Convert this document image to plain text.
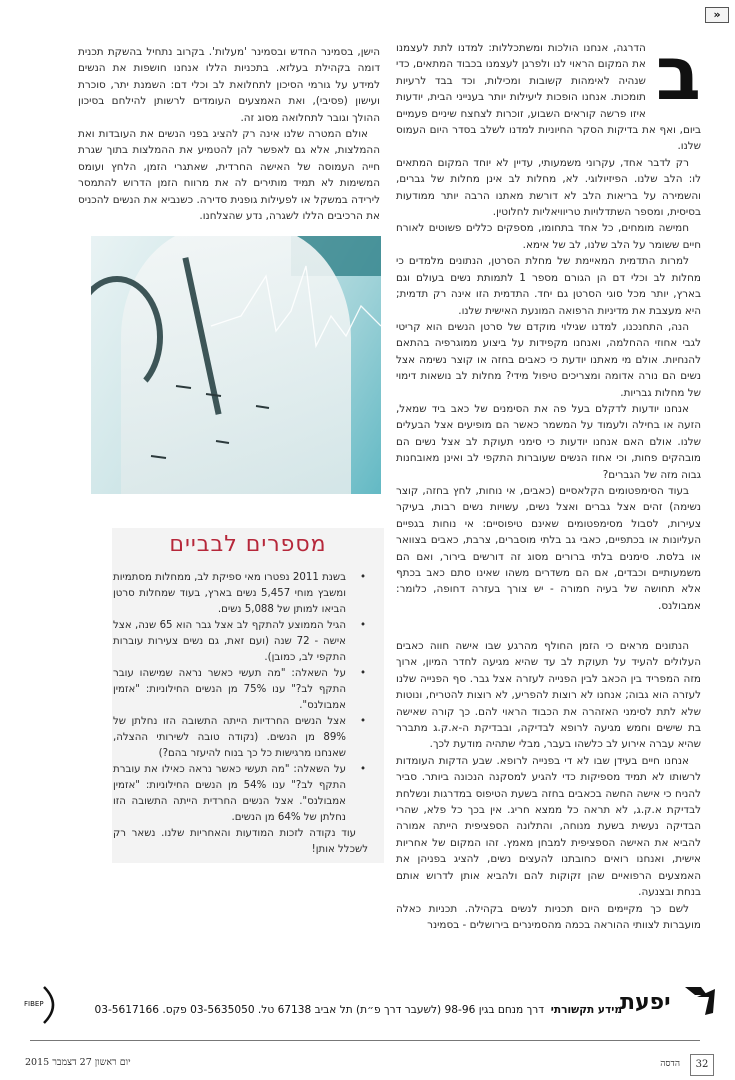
»
ב

הדרגה, אנחנו הולכות ומשתכללות: למדנו לתת לעצמנו את המקום הראוי לנו ולפרגן לעצמנו בכבוד המתאים, כדי שנהיה לאימהות קשובות ומכילות, וכד בבד לרעיות תומכות. אנחנו הופכות ליעילות יותר בענייני הבית, יודעות איזו פרשה קוראים השבוע, זוכרות לצחצח שיניים פעמיים ביום, ואף את בדיקות הסקר החיוניות למדנו לשלב בסדר היום העמוס שלנו.

רק לדבר אחד, עקרוני משמעותי, עדיין לא יוחד המקום המתאים לו: הלב שלנו. הפיזיולוגי. לא, מחלות לב אינן מחלות של גברים, והשמירה על בריאות הלב לא דורשת מאתנו הרבה יותר ממודעות בסיסית, ומספר השתדלויות טריוויאליות לחלוטין.

חמישה מומחים, כל אחד בתחומו, מספקים כללים פשוטים לאורח חיים ששומר על הלב שלנו, לב של אימא.

למרות התדמית המאיימת של מחלת הסרטן, הנתונים מלמדים כי מחלות לב וכלי דם הן הגורם מספר 1 לתמותת נשים בעולם וגם בארץ, יותר מכל סוגי הסרטן גם יחד. התדמית הזו אינה רק תדמית; היא מעצבת את מדיניות הרפואה המונעת האישית שלנו.

הנה, התחנכנו, למדנו שגילוי מוקדם של סרטן הנשים הוא קריטי לגבי אחוזי ההחלמה, ואנחנו מקפידות על ביצוע ממוגרפיה בהתאם להנחיות. אולם מי מאתנו יודעת כי כאבים בחזה או קוצר נשימה אצל נשים הם נורה אדומה ומצריכים טיפול מידי? מחלות לב נושאות דימוי של מחלות גבריות.

אנחנו יודעות לדקלם בעל פה את הסימנים של כאב ביד שמאל, הזעה או בחילה ולעמוד על המשמר כאשר הם מופיעים אצל הבעלים שלנו. אולם האם אנחנו יודעות כי סימני תעוקת לב אצל נשים הם מובהקים פחות, וכי אחוז הנשים שעוברות התקפי לב ואינן מאובחנות גבוה מזה של הגברים?

בעוד הסימפטומים הקלאסיים (כאבים, אי נוחות, לחץ בחזה, קוצר נשימה) זהים אצל גברים ואצל נשים, עשויות נשים רבות, בעיקר צעירות, לסבול מסימפטומים שאינם טיפוסיים: אי נוחות בגפיים העליונות או בכתפיים, כאבי גב בלתי מוסברים, צרבת, כאבים בצוואר או בלסת. סימנים בלתי ברורים מסוג זה דורשים בירור, ואם הם משמעותיים וכבדים, אם הם משדרים משהו שאינו סתם כאב בכתף אלא תחושה של בעיה חמורה - יש צורך בעזרה דחופה, כלומר: אמבולנס.

הנתונים מראים כי הזמן החולף מהרגע שבו אישה חווה כאבים העלולים להעיד על תעוקת לב עד שהיא מגיעה לחדר המיון, ארוך מזה המפריד בין הכאב לבין הפנייה לעזרה אצל גבר. סף הפנייה שלנו לעזרה הוא גבוה; אנחנו לא רוצות להפריע, לא רוצות להטריח, ונוטות שלא לתת לסימני האזהרה את הכבוד הראוי להם. כך קורה שאישה בת שישים וחמש מגיעה לרופא לבדיקה, ובבדיקת ה-א.ק.ג מתברר שהיא עברה אירוע לב כלשהו בעבר, מבלי שתהיה מודעת לכך.

אנחנו חיים בעידן שבו לא די בפנייה לרופא. שבע הדקות העומדות לרשותו לא תמיד מספיקות כדי להגיע למסקנה הנכונה ביותר. סביר להניח כי אישה החשה בכאבים בחזה בשעת הטיפוס במדרגות ונשלחת לבדיקת א.ק.ג, לא תראה כל ממצא חריג. אין בכך כל פלא, שהרי הבדיקה נעשית בשעת מנוחה, והתלונה הספציפית הייתה אמורה להביא את האישה הספציפית למבחן מאמץ. זהו המקום של אחריות אישית, ואנחנו רואים כחובתנו להעצים נשים, להציג בפניהן את האמצעים הרפואיים שהן זקוקות להם ולהביא אותן לדרוש אותם בנחת ובצנעה.

לשם כך מקיימים היום תכניות לנשים בקהילה. תכניות כאלה מועברות לצוותי ההוראה בכמה מהסמינרים בירושלים - בסמינר

הישן, בסמינר החדש ובסמינר 'מעלות'. בקרוב נתחיל בהשקת תכנית דומה בקהילת בעלזא. בתכניות הללו אנחנו חושפות את הנשים למידע על גורמי הסיכון לתחלואת לב וכלי דם: השמנת יתר, סוכרת ועישון (פסיבי), ואת האמצעים העומדים לרשותן להילחם בסיכון ההולך וגובר לתחלואה מסוג זה.

אולם המטרה שלנו אינה רק להציג בפני הנשים את העובדות ואת ההמלצות, אלא גם לאפשר להן להטמיע את ההמלצות בתוך שגרת חייה העמוסה של האישה החרדית, שאתגרי הזמן, הלחץ ועומס המשימות לא תמיד מותירים לה את מרווח הזמן הדרוש להתמסר לירידה במשקל או לפעילות גופנית סדירה. כשנביא את הנשים להכניס את הרכיבים הללו לשגרה, נדע שהצלחנו.

מספרים לבביים
•
בשנת 2011 נפטרו מאי ספיקת לב, ממחלות מסתמיות ומשבץ מוחי 5,457 נשים בארץ, בעוד שמחלות סרטן הביאו למותן של 5,088 נשים.
•
הגיל הממוצע להתקף לב אצל גבר הוא 65 שנה, אצל אישה - 72 שנה (ועם זאת, גם נשים צעירות עוברות התקפי לב, כמובן).
•
על השאלה: "מה תעשי כאשר נראה שמישהו עובר התקף לב?" ענו 75% מן הנשים החילוניות: "אזמין אמבולנס".
•
אצל הנשים החרדיות הייתה התשובה הזו נחלתן של 89% מן הנשים. (נקודה טובה לשירותי ההצלה, שאנחנו מרגישות כל כך בנוח להיעזר בהם?)
•
על השאלה: "מה תעשי כאשר נראה כאילו את עוברת התקף לב?" ענו 54% מן הנשים החילוניות: "אזמין אמבולנס". אצל הנשים החרדית הייתה התשובה הזו נחלתן של 64% מן הנשים.

עוד נקודה לזכות המודעות והאחריות שלנו. נשאר רק לשכלל אותן!

יפעת
מידע תקשורתי  דרך מנחם בגין 98-96 (לשעבר דרך פ״ת) תל אביב 67138 טל. 03-5635050 פקס. 03-5617166
FIBEP
32
הדסה
יום ראשון 27 דצמבר 2015
